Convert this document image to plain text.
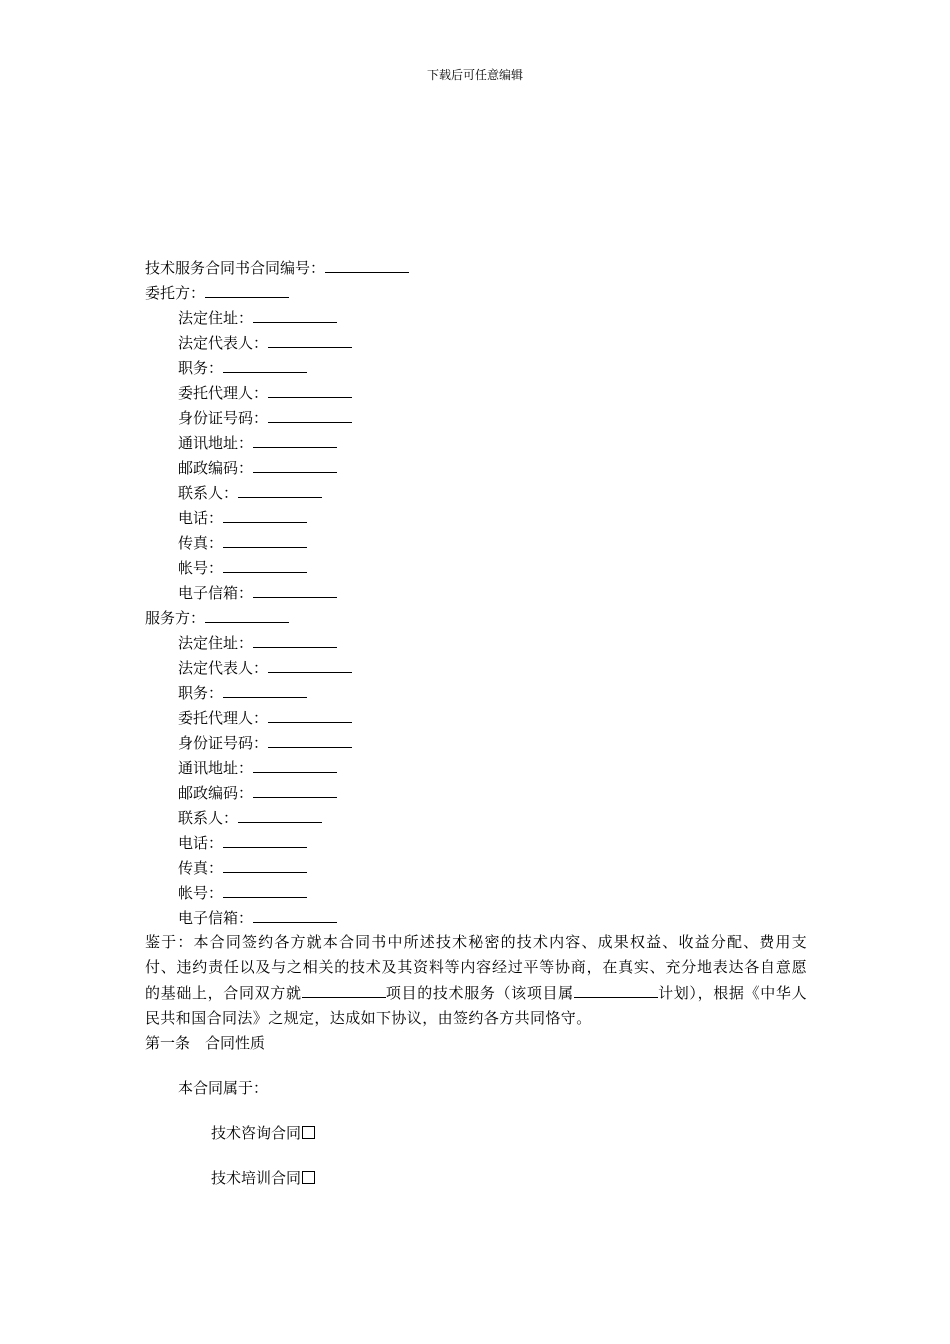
下载后可任意编辑
技术服务合同书合同编号：
委托方：
法定住址：
法定代表人：
职务：
委托代理人：
身份证号码：
通讯地址：
邮政编码：
联系人：
电话：
传真：
帐号：
电子信箱：
服务方：
法定住址：
法定代表人：
职务：
委托代理人：
身份证号码：
通讯地址：
邮政编码：
联系人：
电话：
传真：
帐号：
电子信箱：
鉴于：本合同签约各方就本合同书中所述技术秘密的技术内容、成果权益、收益分配、费用支付、违约责任以及与之相关的技术及其资料等内容经过平等协商，在真实、充分地表达各自意愿的基础上，合同双方就	项目的技术服务（该项目属	计划），根据《中华人民共和国合同法》之规定，达成如下协议，由签约各方共同恪守。
第一条　合同性质
本合同属于：
技术咨询合同
技术培训合同
